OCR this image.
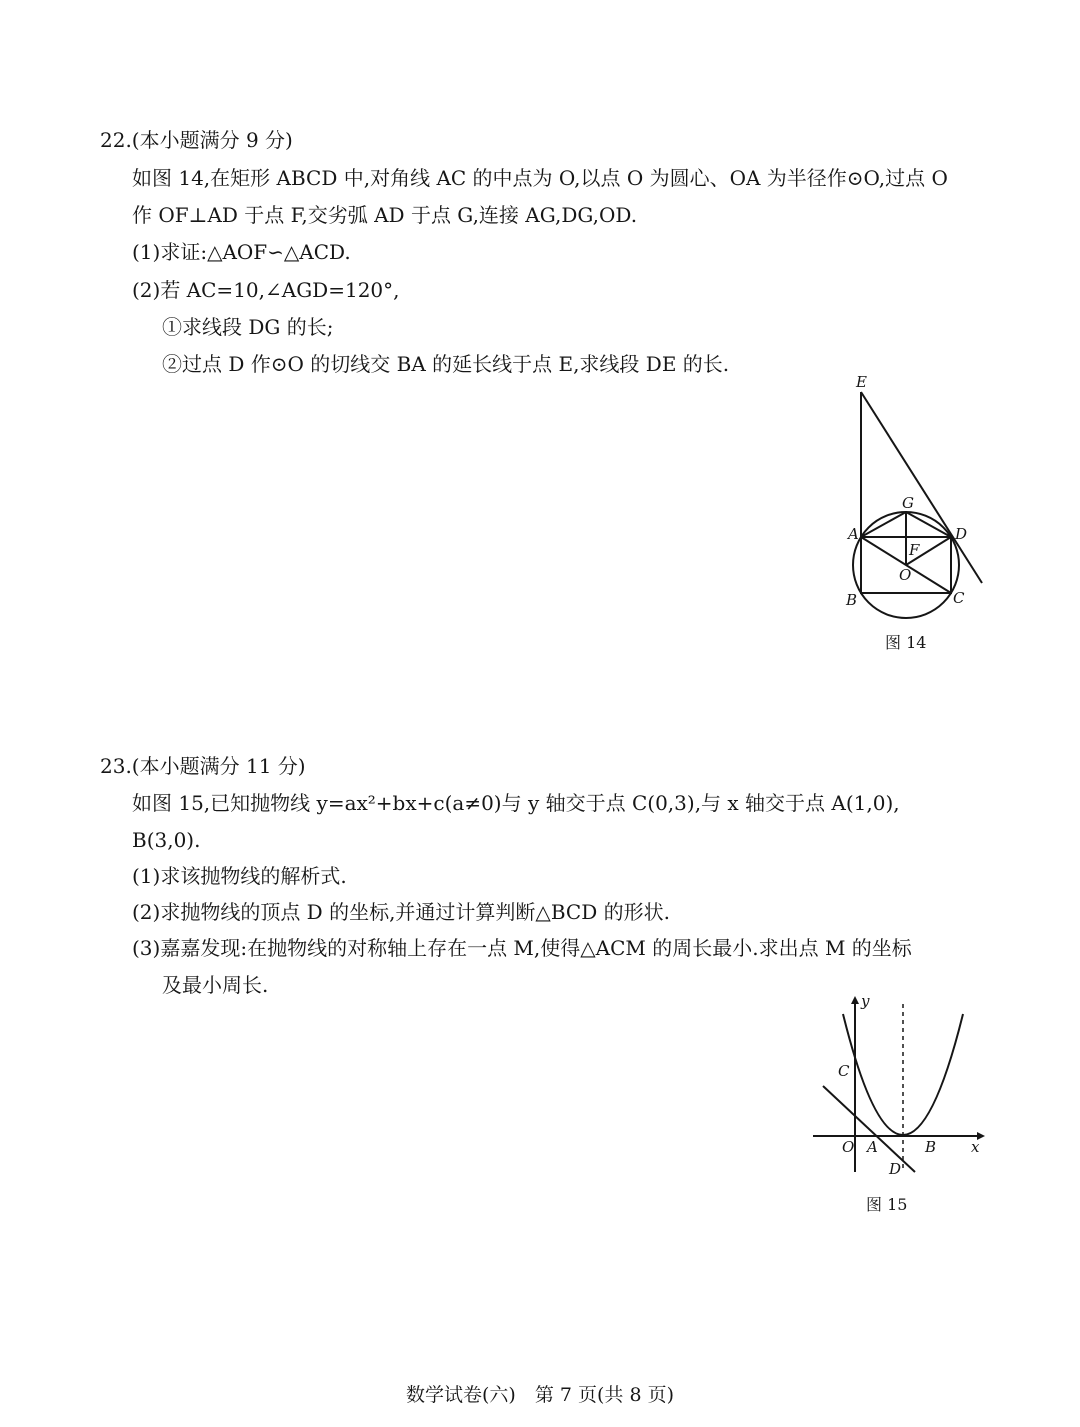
22.(本小题满分 9 分)
如图 14,在矩形 ABCD 中,对角线 AC 的中点为 O,以点 O 为圆心、OA 为半径作⊙O,过点 O
作 OF⊥AD 于点 F,交劣弧 AD 于点 G,连接 AG,DG,OD.
(1)求证:△AOF∽△ACD.
(2)若 AC=10,∠AGD=120°,
①求线段 DG 的长;
②过点 D 作⊙O 的切线交 BA 的延长线于点 E,求线段 DE 的长.
E
G
A	D
F
O
B	C
图 14
23.(本小题满分 11 分)
如图 15,已知抛物线 y=ax²+bx+c(a≠0)与 y 轴交于点 C(0,3),与 x 轴交于点 A(1,0),
B(3,0).
(1)求该抛物线的解析式.
(2)求抛物线的顶点 D 的坐标,并通过计算判断△BCD 的形状.
(3)嘉嘉发现:在抛物线的对称轴上存在一点 M,使得△ACM 的周长最小.求出点 M 的坐标
及最小周长.
y
x
C
O A	B
D
图 15
数学试卷(六)　第 7 页(共 8 页)
